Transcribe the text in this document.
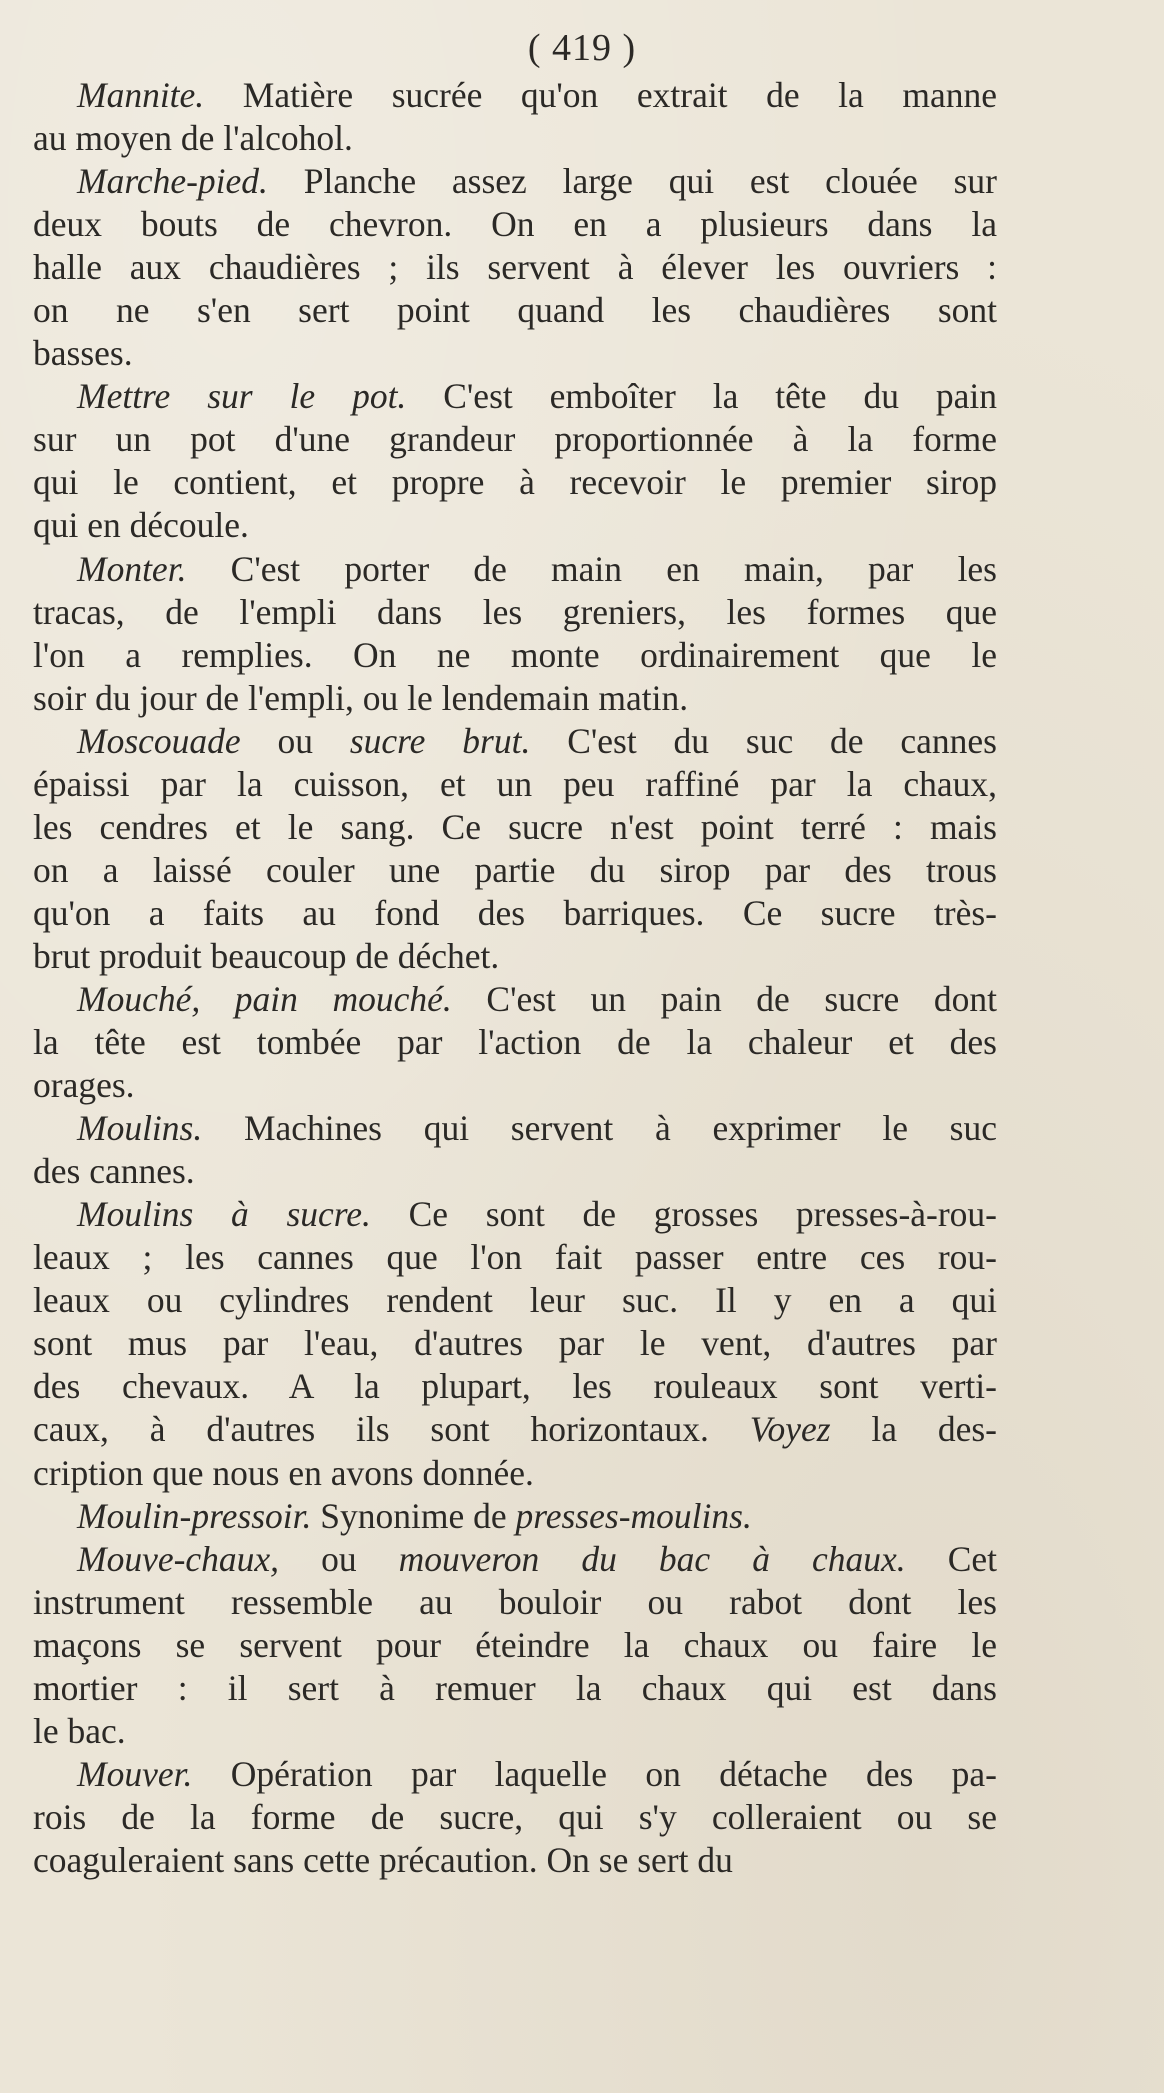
( 419 )
Mannite. Matière sucrée qu'on extrait de la manne
au moyen de l'alcohol.
Marche-pied. Planche assez large qui est clouée sur
deux bouts de chevron. On en a plusieurs dans la
halle aux chaudières ; ils servent à élever les ouvriers :
on ne s'en sert point quand les chaudières sont
basses.
Mettre sur le pot. C'est emboîter la tête du pain
sur un pot d'une grandeur proportionnée à la forme
qui le contient, et propre à recevoir le premier sirop
qui en découle.
Monter. C'est porter de main en main, par les
tracas, de l'empli dans les greniers, les formes que
l'on a remplies. On ne monte ordinairement que le
soir du jour de l'empli, ou le lendemain matin.
Moscouade ou sucre brut. C'est du suc de cannes
épaissi par la cuisson, et un peu raffiné par la chaux,
les cendres et le sang. Ce sucre n'est point terré : mais
on a laissé couler une partie du sirop par des trous
qu'on a faits au fond des barriques. Ce sucre très-
brut produit beaucoup de déchet.
Mouché, pain mouché. C'est un pain de sucre dont
la tête est tombée par l'action de la chaleur et des
orages.
Moulins. Machines qui servent à exprimer le suc
des cannes.
Moulins à sucre. Ce sont de grosses presses-à-rou-
leaux ; les cannes que l'on fait passer entre ces rou-
leaux ou cylindres rendent leur suc. Il y en a qui
sont mus par l'eau, d'autres par le vent, d'autres par
des chevaux. A la plupart, les rouleaux sont verti-
caux, à d'autres ils sont horizontaux. Voyez la des-
cription que nous en avons donnée.
Moulin-pressoir. Synonime de presses-moulins.
Mouve-chaux, ou mouveron du bac à chaux. Cet
instrument ressemble au bouloir ou rabot dont les
maçons se servent pour éteindre la chaux ou faire le
mortier : il sert à remuer la chaux qui est dans
le bac.
Mouver. Opération par laquelle on détache des pa-
rois de la forme de sucre, qui s'y colleraient ou se
coaguleraient sans cette précaution. On se sert du
